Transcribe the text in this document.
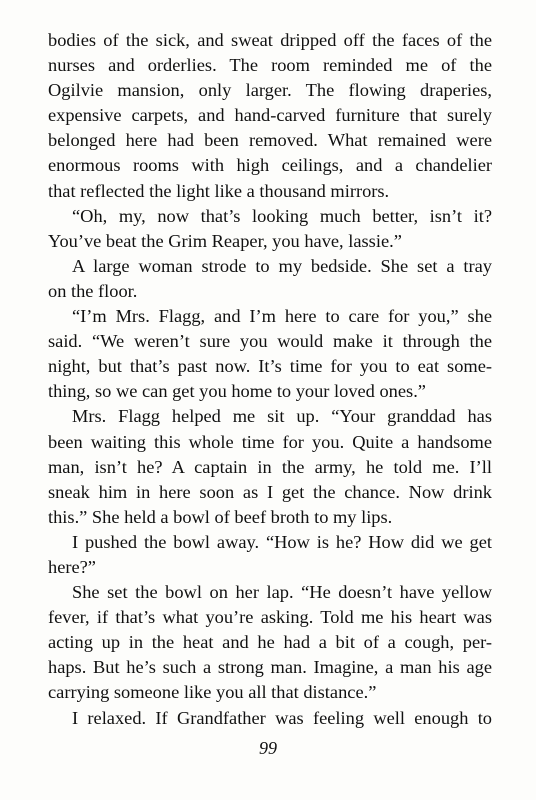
bodies of the sick, and sweat dripped off the faces of the
nurses and orderlies. The room reminded me of the
Ogilvie mansion, only larger. The flowing draperies,
expensive carpets, and hand-carved furniture that surely
belonged here had been removed. What remained were
enormous rooms with high ceilings, and a chandelier
that reflected the light like a thousand mirrors.
“Oh, my, now that’s looking much better, isn’t it?
You’ve beat the Grim Reaper, you have, lassie.”
A large woman strode to my bedside. She set a tray
on the floor.
“I’m Mrs. Flagg, and I’m here to care for you,” she
said. “We weren’t sure you would make it through the
night, but that’s past now. It’s time for you to eat some-
thing, so we can get you home to your loved ones.”
Mrs. Flagg helped me sit up. “Your granddad has
been waiting this whole time for you. Quite a handsome
man, isn’t he? A captain in the army, he told me. I’ll
sneak him in here soon as I get the chance. Now drink
this.” She held a bowl of beef broth to my lips.
I pushed the bowl away. “How is he? How did we get
here?”
She set the bowl on her lap. “He doesn’t have yellow
fever, if that’s what you’re asking. Told me his heart was
acting up in the heat and he had a bit of a cough, per-
haps. But he’s such a strong man. Imagine, a man his age
carrying someone like you all that distance.”
I relaxed. If Grandfather was feeling well enough to
99
